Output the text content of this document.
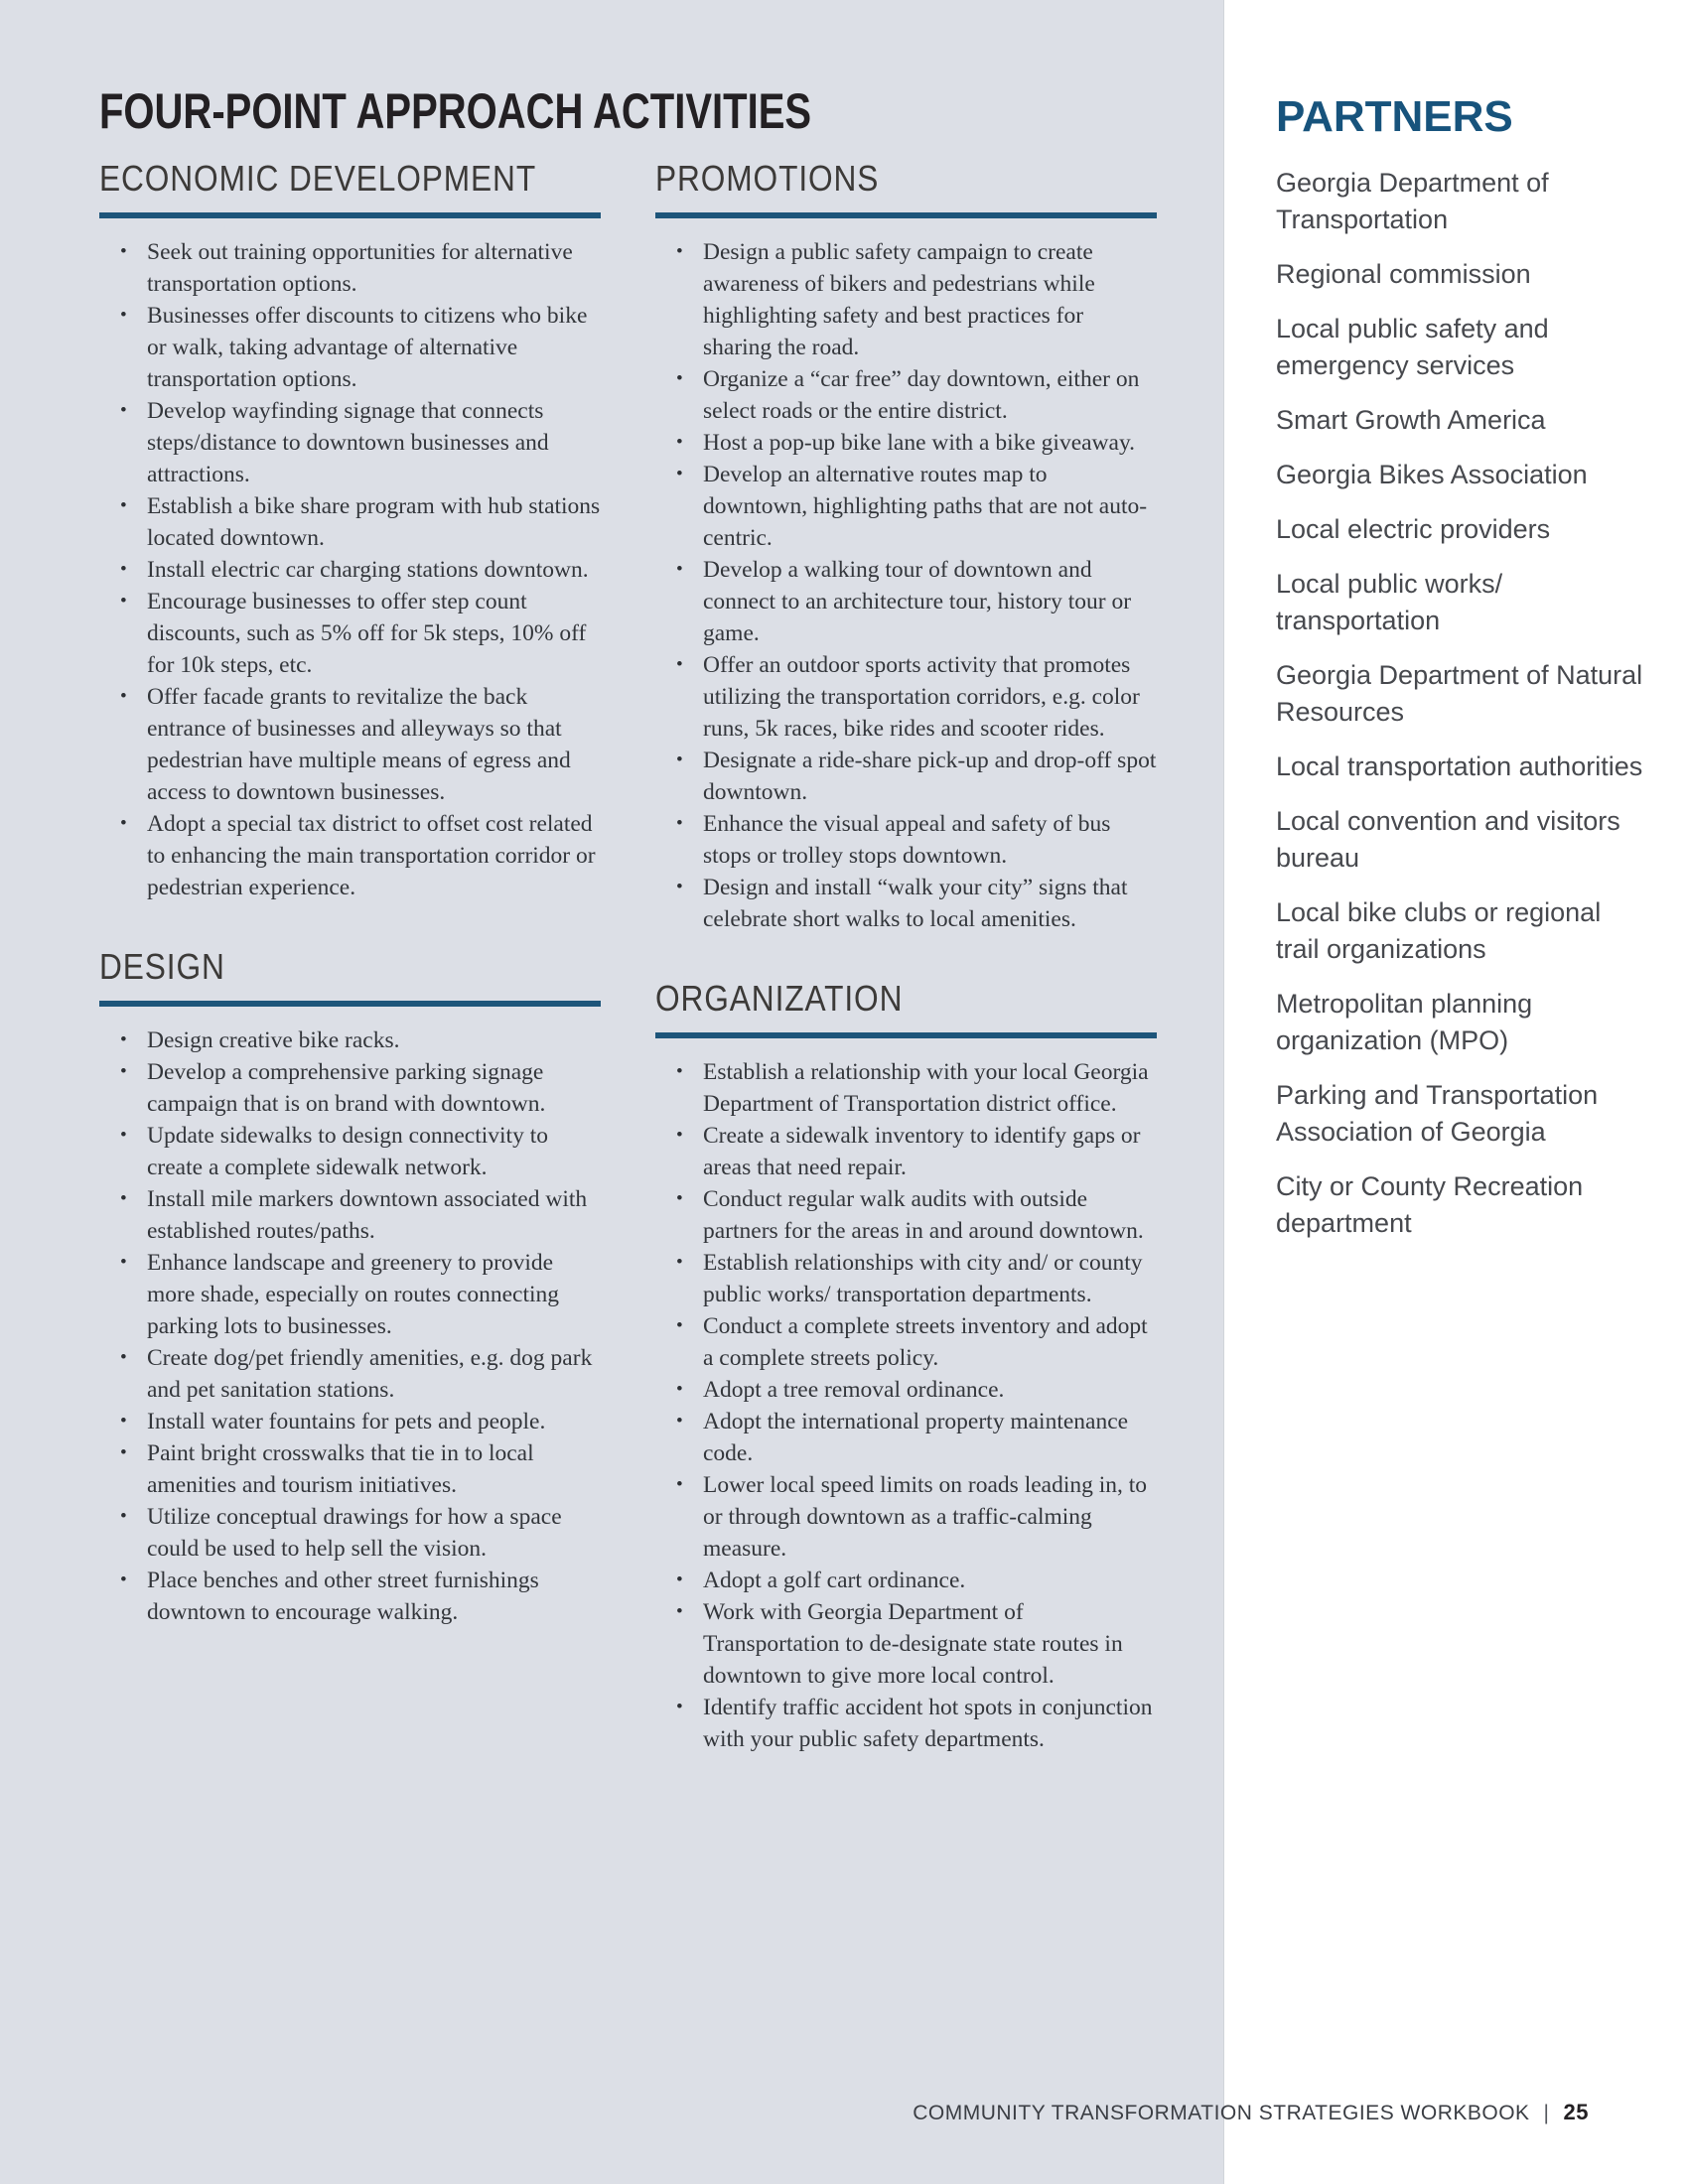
FOUR-POINT APPROACH ACTIVITIES
ECONOMIC DEVELOPMENT
• Seek out training opportunities for alternative transportation options.
• Businesses offer discounts to citizens who bike or walk, taking advantage of alternative transportation options.
• Develop wayfinding signage that connects steps/distance to downtown businesses and attractions.
• Establish a bike share program with hub stations located downtown.
• Install electric car charging stations downtown.
• Encourage businesses to offer step count discounts, such as 5% off for 5k steps, 10% off for 10k steps, etc.
• Offer facade grants to revitalize the back entrance of businesses and alleyways so that pedestrian have multiple means of egress and access to downtown businesses.
• Adopt a special tax district to offset cost related to enhancing the main transportation corridor or pedestrian experience.
DESIGN
• Design creative bike racks.
• Develop a comprehensive parking signage campaign that is on brand with downtown.
• Update sidewalks to design connectivity to create a complete sidewalk network.
• Install mile markers downtown associated with established routes/paths.
• Enhance landscape and greenery to provide more shade, especially on routes connecting parking lots to businesses.
• Create dog/pet friendly amenities, e.g. dog park and pet sanitation stations.
• Install water fountains for pets and people.
• Paint bright crosswalks that tie in to local amenities and tourism initiatives.
• Utilize conceptual drawings for how a space could be used to help sell the vision.
• Place benches and other street furnishings downtown to encourage walking.
PROMOTIONS
• Design a public safety campaign to create awareness of bikers and pedestrians while highlighting safety and best practices for sharing the road.
• Organize a “car free” day downtown, either on select roads or the entire district.
• Host a pop-up bike lane with a bike giveaway.
• Develop an alternative routes map to downtown, highlighting paths that are not auto-centric.
• Develop a walking tour of downtown and connect to an architecture tour, history tour or game.
• Offer an outdoor sports activity that promotes utilizing the transportation corridors, e.g. color runs, 5k races, bike rides and scooter rides.
• Designate a ride-share pick-up and drop-off spot downtown.
• Enhance the visual appeal and safety of bus stops or trolley stops downtown.
• Design and install “walk your city” signs that celebrate short walks to local amenities.
ORGANIZATION
• Establish a relationship with your local Georgia Department of Transportation district office.
• Create a sidewalk inventory to identify gaps or areas that need repair.
• Conduct regular walk audits with outside partners for the areas in and around downtown.
• Establish relationships with city and/ or county public works/ transportation departments.
• Conduct a complete streets inventory and adopt a complete streets policy.
• Adopt a tree removal ordinance.
• Adopt the international property maintenance code.
• Lower local speed limits on roads leading in, to or through downtown as a traffic-calming measure.
• Adopt a golf cart ordinance.
• Work with Georgia Department of Transportation to de-designate state routes in downtown to give more local control.
• Identify traffic accident hot spots in conjunction with your public safety departments.
PARTNERS
Georgia Department of Transportation
Regional commission
Local public safety and emergency services
Smart Growth America
Georgia Bikes Association
Local electric providers
Local public works/ transportation
Georgia Department of Natural Resources
Local transportation authorities
Local convention and visitors bureau
Local bike clubs or regional trail organizations
Metropolitan planning organization (MPO)
Parking and Transportation Association of Georgia
City or County Recreation department
COMMUNITY TRANSFORMATION STRATEGIES WORKBOOK | 25
